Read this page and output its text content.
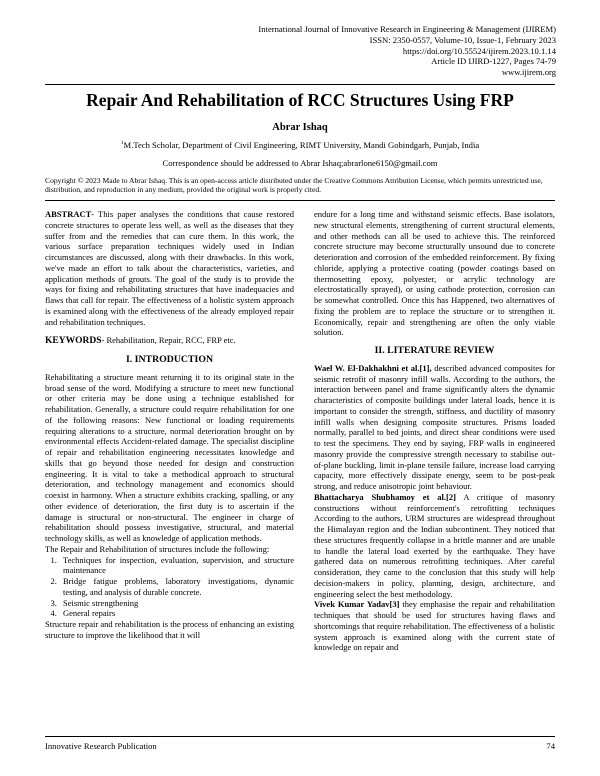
International Journal of Innovative Research in Engineering & Management (IJIREM)
ISSN: 2350-0557, Volume-10, Issue-1, February 2023
https://doi.org/10.55524/ijirem.2023.10.1.14
Article ID IJIRD-1227, Pages 74-79
www.ijirem.org
Repair And Rehabilitation of RCC Structures Using FRP
Abrar Ishaq
$^1$M.Tech Scholar, Department of Civil Engineering, RIMT University, Mandi Gobindgarh, Punjab, India
Correspondence should be addressed to Abrar Ishaq;abrarlone6150@gmail.com
Copyright © 2023 Made to Abrar Ishaq. This is an open-access article distributed under the Creative Commons Attribution License, which permits unrestricted use, distribution, and reproduction in any medium, provided the original work is properly cited.

ABSTRACT- This paper analyses the conditions that cause restored concrete structures to operate less well, as well as the diseases that they suffer from and the remedies that can cure them. In this work, the various surface preparation techniques widely used in Indian circumstances are discussed, along with their drawbacks. In this work, we've made an effort to talk about the characteristics, varieties, and application methods of grouts. The goal of the study is to provide the ways for fixing and rehabilitating structures that have inadequacies and flaws that call for repair. The effectiveness of a holistic system approach is examined along with the effectiveness of the already employed repair and rehabilitation techniques.

KEYWORDS- Rehabilitation, Repair, RCC, FRP etc.
I. INTRODUCTION

Rehabilitating a structure meant returning it to its original state in the broad sense of the word. Modifying a structure to meet new functional or other criteria may be done using a technique established for rehabilitation. Generally, a structure could require rehabilitation for one of the following reasons: New functional or loading requirements requiring alterations to a structure, normal deterioration brought on by environmental effects Accident-related damage. The specialist discipline of repair and rehabilitation engineering necessitates knowledge and skills that go beyond those needed for design and construction engineering. It is vital to take a methodical approach to structural deterioration, and technology management and economics should coexist in harmony. When a structure exhibits cracking, spalling, or any other evidence of deterioration, the first duty is to ascertain if the damage is structural or non-structural. The engineer in charge of rehabilitation should possess investigative, structural, and material technology skills, as well as knowledge of application methods.

The Repair and Rehabilitation of structures include the following:

1. Techniques for inspection, evaluation, supervision, and structure maintenance
2. Bridge fatigue problems, laboratory investigations, dynamic testing, and analysis of durable concrete.
3. Seismic strengthening
4. General repairs

Structure repair and rehabilitation is the process of enhancing an existing structure to improve the likelihood that it will

endure for a long time and withstand seismic effects. Base isolators, new structural elements, strengthening of current structural elements, and other methods can all be used to achieve this. The reinforced concrete structure may become structurally unsound due to concrete deterioration and corrosion of the embedded reinforcement. By fixing chloride, applying a protective coating (powder coatings based on thermosetting epoxy, polyester, or acrylic technology are electrostatically sprayed), or using cathode protection, corrosion can be somewhat controlled. Once this has Happened, two alternatives of fixing the problem are to replace the structure or to strengthen it. Economically, repair and strengthening are often the only viable solution.

II. LITERATURE REVIEW

Wael W. El-Dakhakhni et al.[1], described advanced composites for seismic retrofit of masonry infill walls. According to the authors, the interaction between panel and frame significantly alters the dynamic characteristics of composite buildings under lateral loads, hence it is important to consider the strength, stiffness, and ductility of masonry infill walls when designing composite structures. Prisms loaded normally, parallel to bed joints, and direct shear conditions were used to test the specimens. They end by saying, FRP walls in engineered masonry provide the compressive strength necessary to stabilise out-of-plane buckling, limit in-plane tensile failure, increase load carrying capacity, more effectively dissipate energy, seem to be post-peak strong, and reduce anisotropic joint behaviour.

Bhattacharya Shubhamoy et al.[2] A critique of masonry constructions without reinforcement's retrofitting techniques According to the authors, URM structures are widespread throughout the Himalayan region and the Indian subcontinent. They noticed that these structures frequently collapse in a brittle manner and are unable to handle the lateral load exerted by the earthquake. They have gathered data on numerous retrofitting techniques. After careful consideration, they came to the conclusion that this study will help decision-makers in policy, planning, design, architecture, and engineering select the best methodology.

Vivek Kumar Yadav[3] they emphasise the repair and rehabilitation techniques that should be used for structures having flaws and shortcomings that require rehabilitation. The effectiveness of a holistic system approach is examined along with the current state of knowledge on repair and

Innovative Research Publication	74
